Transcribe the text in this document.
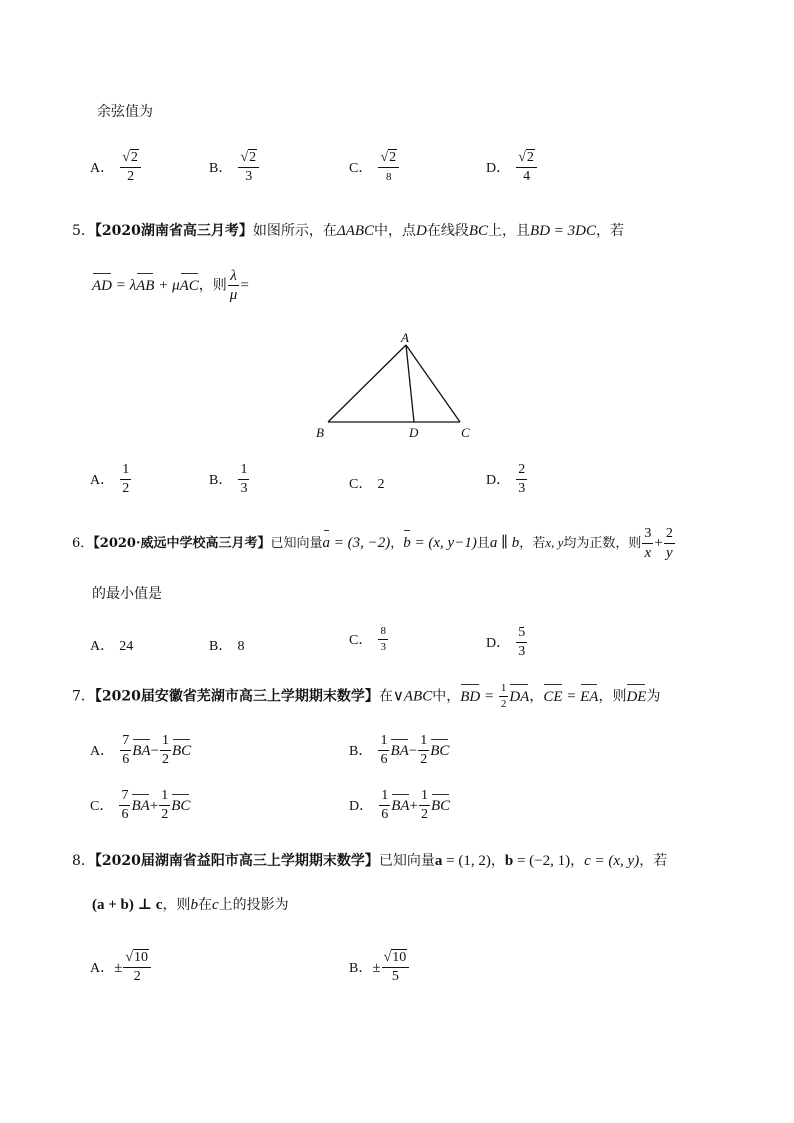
余弦值为
A． $\frac{√2}{2}$	B． $\frac{√2}{3}$	C． $\frac{√2}{8}$	D． $\frac{√2}{4}$
5．【2020湖南省高三月考】如图所示，在ΔABC中，点D在线段BC上，且BD = 3DC，若
AD = λAB + μAC，则 $\frac{\lambda}{\mu}$ =
A
B	D	C
A． $\frac{1}{2}$	B． $\frac{1}{3}$	C． 2	D． $\frac{2}{3}$
6．【2020·威远中学校高三月考】已知向量a = (3, −2)，b = (x, y−1)且a ∥ b，若x, y均为正数，则 $\frac{3}{x} + \frac{2}{y}$
的最小值是
A． 24	B． 8	C． $\frac{8}{3}$	D． $\frac{5}{3}$
7．【2020届安徽省芜湖市高三上学期期末数学】在∨ABC中，BD = $\frac{1}{2}$ DA，CE = EA，则DE为
A． $\frac{7}{6} BA- \frac{1}{2}$ BC	B． $\frac{1}{6} BA- \frac{1}{2}$ BC
C． $\frac{7}{6} BA+ \frac{1}{2}$ BC	D． $\frac{1}{6} BA+ \frac{1}{2}$ BC
8．【2020届湖南省益阳市高三上学期期末数学】已知向量a = (1, 2)，b = (−2, 1)，c = (x, y)，若
(a + b) ⊥ c，则b在c上的投影为
A．± $\frac{√10}{2}$	B．± $\frac{√10}{5}$
